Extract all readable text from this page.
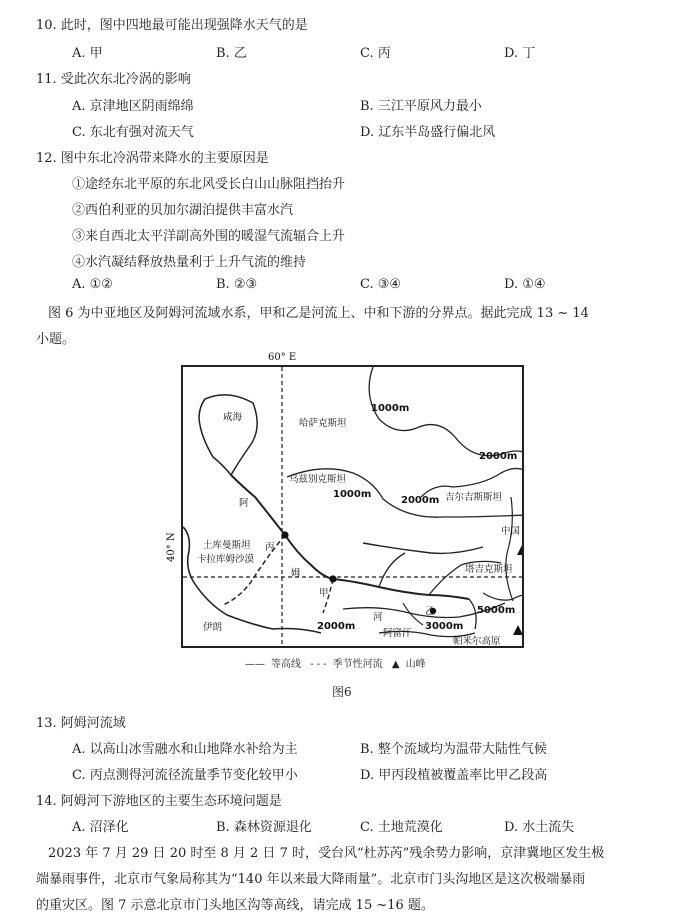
10. 此时，图中四地最可能出现强降水天气的是
A. 甲	B. 乙	C. 丙	D. 丁
11. 受此次东北冷涡的影响
A. 京津地区阴雨绵绵	B. 三江平原风力最小
C. 东北有强对流天气	D. 辽东半岛盛行偏北风
12. 图中东北冷涡带来降水的主要原因是
①途经东北平原的东北风受长白山山脉阻挡抬升
②西伯利亚的贝加尔湖泊提供丰富水汽
③来自西北太平洋副高外围的暖湿气流辐合上升
④水汽凝结释放热量利于上升气流的维持
A. ①②	B. ②③	C. ③④	D. ①④
图 6 为中亚地区及阿姆河流域水系，甲和乙是河流上、中和下游的分界点。据此完成 13 ~ 14
小题。
60° E
40° N
咸海
哈萨克斯坦
乌兹别克斯坦
吉尔吉斯斯坦
中国
塔吉克斯坦
土库曼斯坦
卡拉库姆沙漠
阿
姆
河
丙
甲
乙
伊朗
阿富汗
帕米尔高原
1000m
1000m
2000m
2000m
2000m	3000m
5000m
—— 等高线 - - - 季节性河流 ▲ 山峰
图6
13. 阿姆河流域
A. 以高山冰雪融水和山地降水补给为主	B. 整个流域均为温带大陆性气候
C. 丙点测得河流径流量季节变化较甲小	D. 甲丙段植被覆盖率比甲乙段高
14. 阿姆河下游地区的主要生态环境问题是
A. 沼泽化	B. 森林资源退化	C. 土地荒漠化	D. 水土流失
2023 年 7 月 29 日 20 时至 8 月 2 日 7 时，受台风“杜苏芮”残余势力影响，京津冀地区发生极
端暴雨事件，北京市气象局称其为“140 年以来最大降雨量”。北京市门头沟地区是这次极端暴雨
的重灾区。图 7 示意北京市门头地区沟等高线，请完成 15 ~16 题。
